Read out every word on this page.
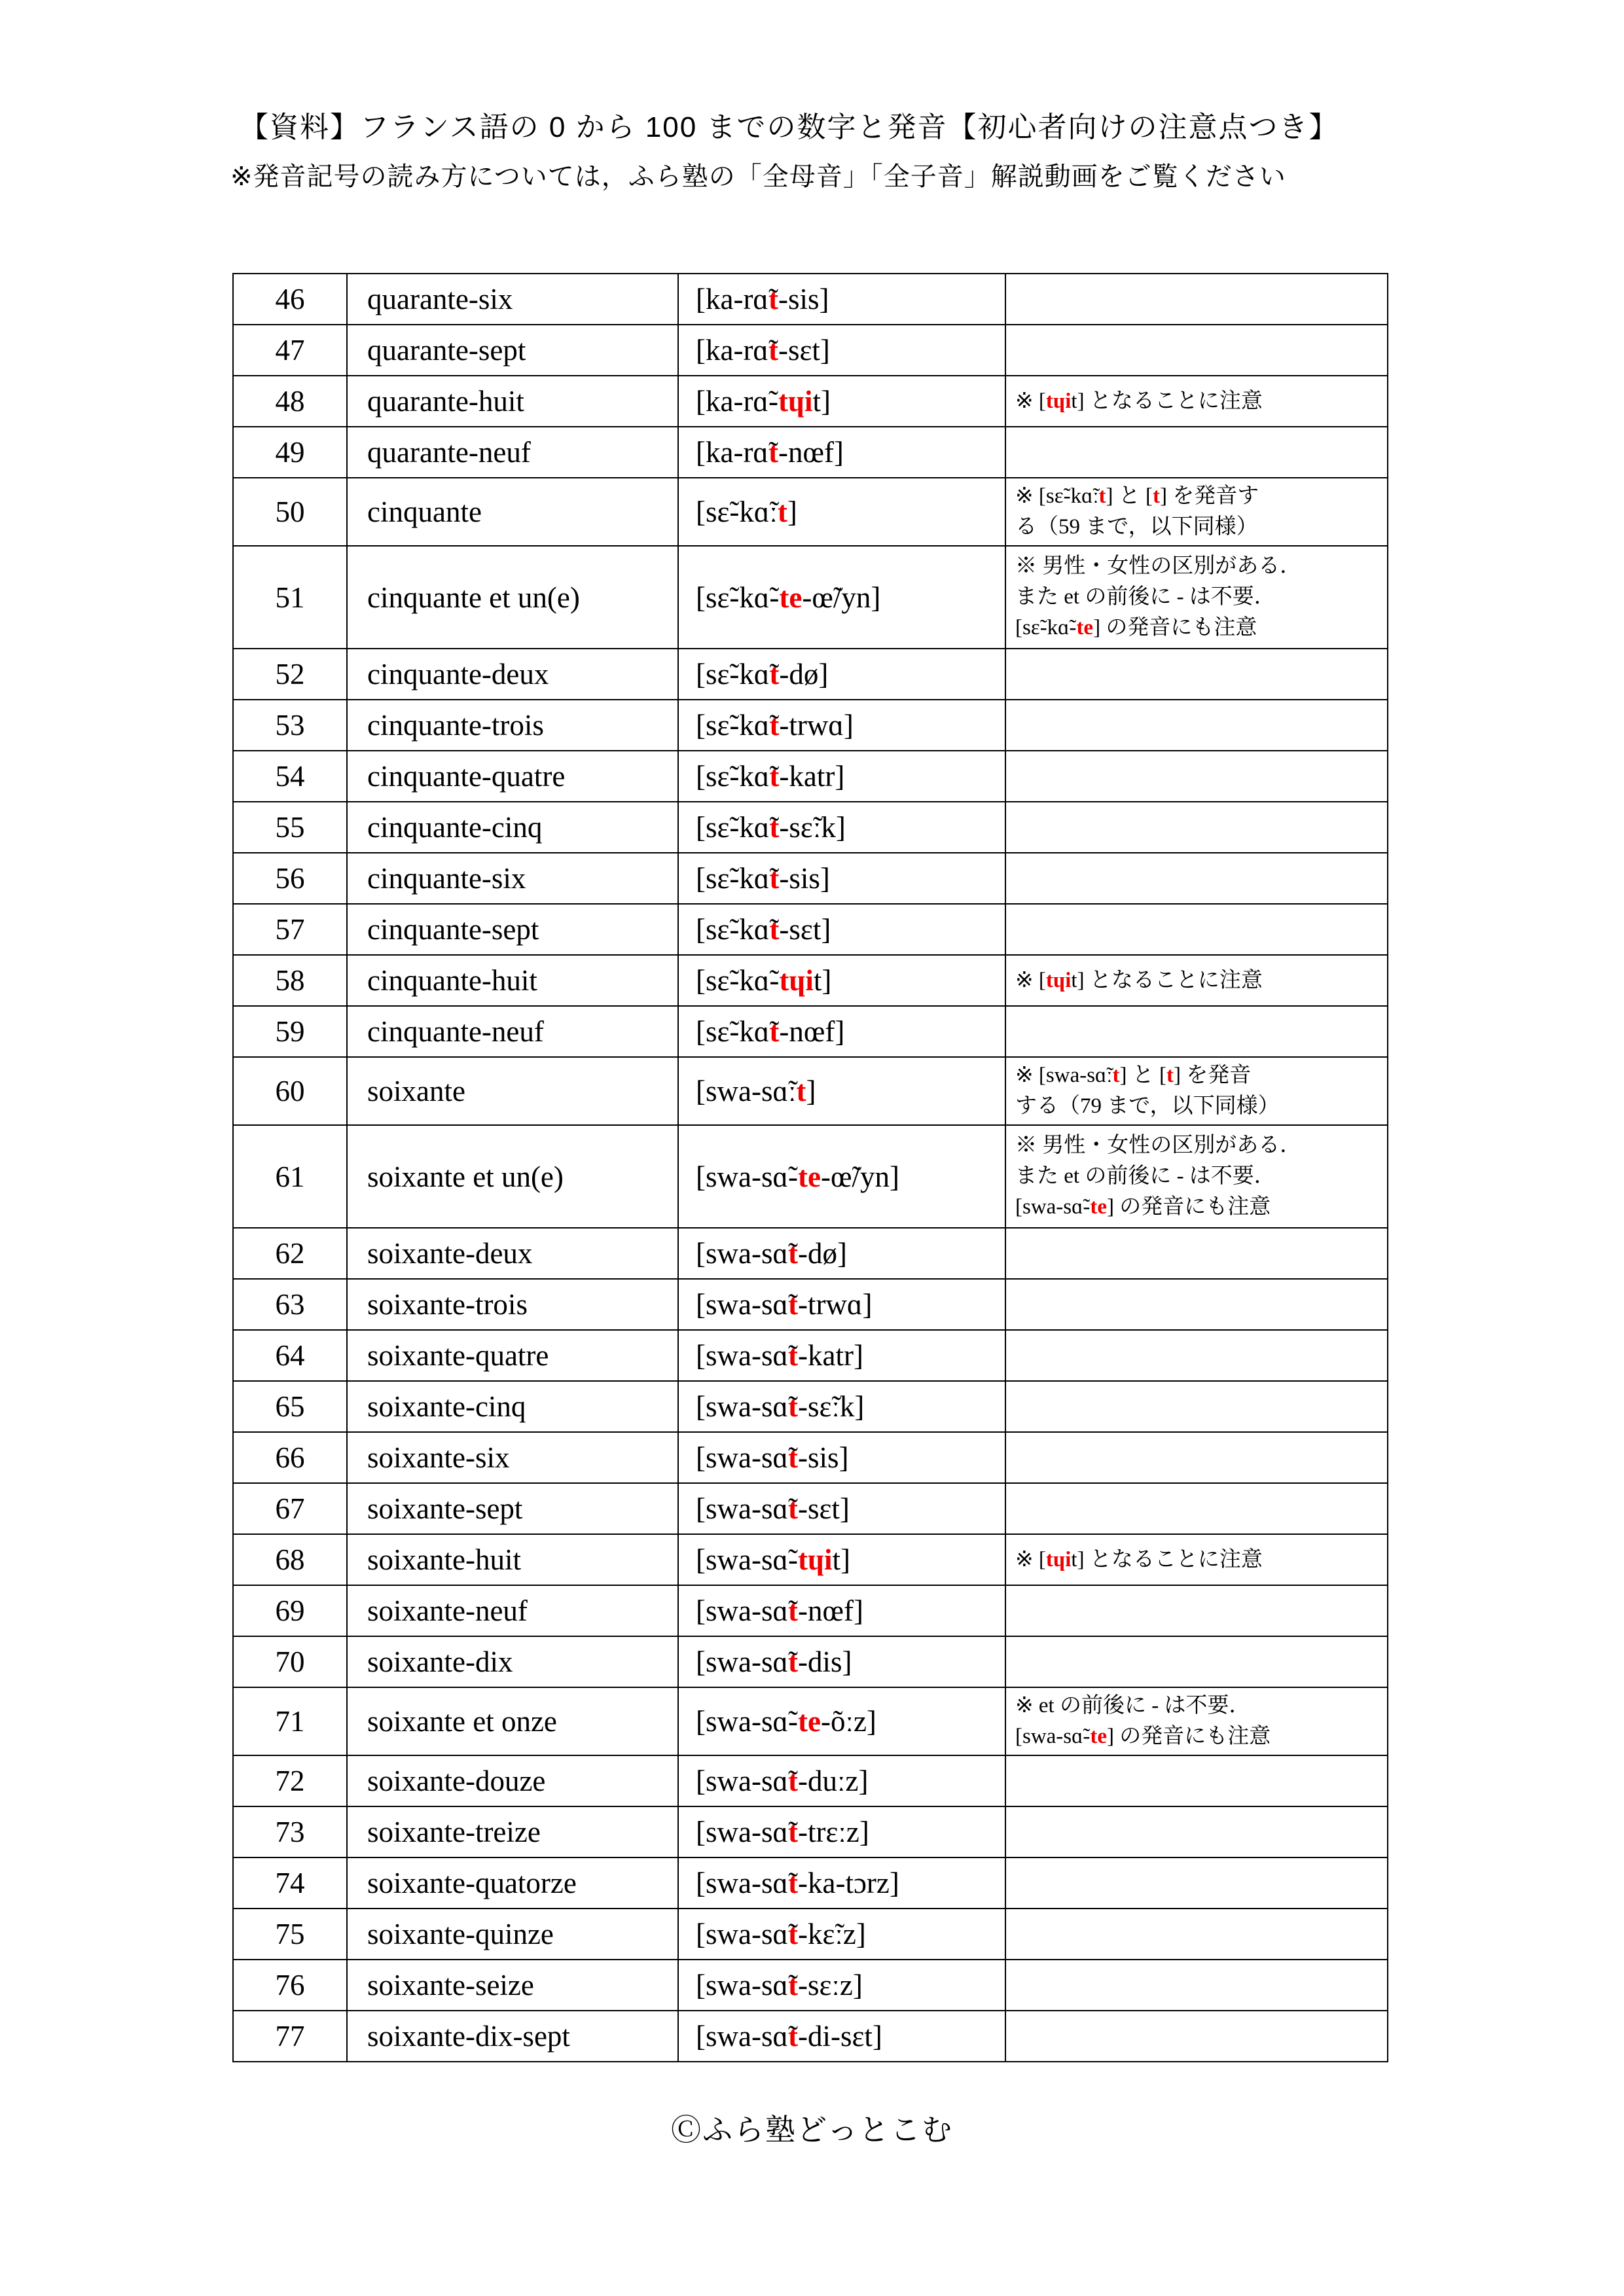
【資料】フランス語の 0 から 100 までの数字と発音【初心者向けの注意点つき】
※発音記号の読み方については，ふら塾の「全母音」「全子音」解説動画をご覧ください
46	quarante-six	[ka-rɑ̃t-sis]	
47	quarante-sept	[ka-rɑ̃t-sɛt]	
48	quarante-huit	[ka-rɑ̃-tɥit]	※ [tɥit] となることに注意

49	quarante-neuf	[ka-rɑ̃t-nœf]	
50	cinquante	[sɛ̃-kɑ̃ːt]	※ [sɛ̃-kɑ̃ːt] と [t] を発音す
る（59 まで，以下同様）

51	cinquante et un(e)	[sɛ̃-kɑ̃-te-œ̃/yn]	※ 男性・女性の区別がある．
また et の前後に - は不要．
[sɛ̃-kɑ̃-te] の発音にも注意

52	cinquante-deux	[sɛ̃-kɑ̃t-dø]	
53	cinquante-trois	[sɛ̃-kɑ̃t-trwɑ]	
54	cinquante-quatre	[sɛ̃-kɑ̃t-katr]	
55	cinquante-cinq	[sɛ̃-kɑ̃t-sɛ̃ːk]	
56	cinquante-six	[sɛ̃-kɑ̃t-sis]	
57	cinquante-sept	[sɛ̃-kɑ̃t-sɛt]	
58	cinquante-huit	[sɛ̃-kɑ̃-tɥit]	※ [tɥit] となることに注意

59	cinquante-neuf	[sɛ̃-kɑ̃t-nœf]	
60	soixante	[swa-sɑ̃ːt]	※ [swa-sɑ̃ːt] と [t] を発音
する（79 まで，以下同様）

61	soixante et un(e)	[swa-sɑ̃-te-œ̃/yn]	※ 男性・女性の区別がある．
また et の前後に - は不要．
[swa-sɑ̃-te] の発音にも注意

62	soixante-deux	[swa-sɑ̃t-dø]	
63	soixante-trois	[swa-sɑ̃t-trwɑ]	
64	soixante-quatre	[swa-sɑ̃t-katr]	
65	soixante-cinq	[swa-sɑ̃t-sɛ̃ːk]	
66	soixante-six	[swa-sɑ̃t-sis]	
67	soixante-sept	[swa-sɑ̃t-sɛt]	
68	soixante-huit	[swa-sɑ̃-tɥit]	※ [tɥit] となることに注意

69	soixante-neuf	[swa-sɑ̃t-nœf]	
70	soixante-dix	[swa-sɑ̃t-dis]	
71	soixante et onze	[swa-sɑ̃-te-õːz]	※ et の前後に - は不要．
[swa-sɑ̃-te] の発音にも注意

72	soixante-douze	[swa-sɑ̃t-duːz]	
73	soixante-treize	[swa-sɑ̃t-trɛːz]	
74	soixante-quatorze	[swa-sɑ̃t-ka-tɔrz]	
75	soixante-quinze	[swa-sɑ̃t-kɛ̃ːz]	
76	soixante-seize	[swa-sɑ̃t-sɛːz]	
77	soixante-dix-sept	[swa-sɑ̃t-di-sɛt]	
Ⓒふら塾どっとこむ
